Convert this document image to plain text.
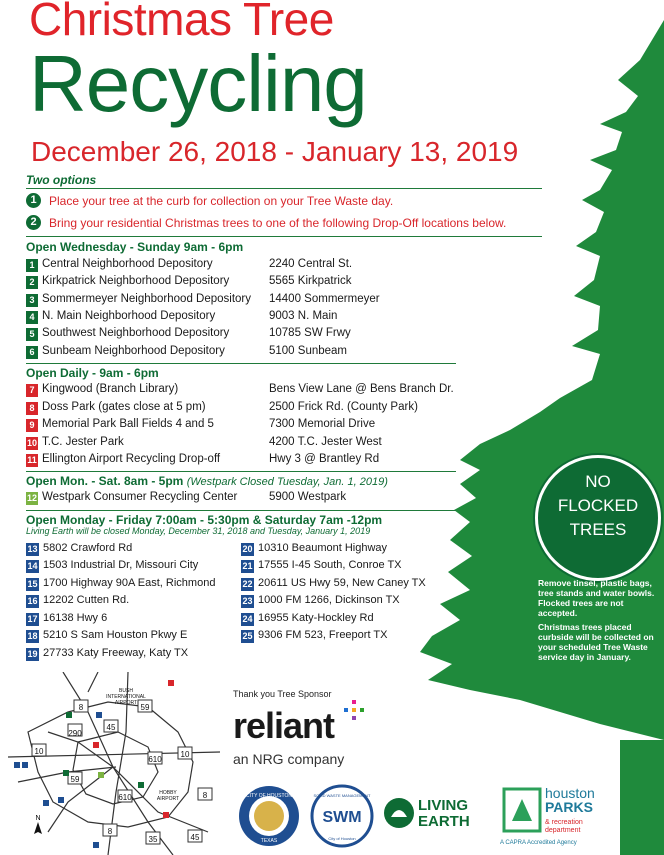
Christmas Tree
Recycling
December 26, 2018 - January 13, 2019
Two options
1	Place your tree at the curb for collection on your Tree Waste day.
2	Bring your residential Christmas trees to one of the following Drop-Off locations below.
Open Wednesday - Sunday 9am - 6pm
1 Central Neighborhood Depository	2240 Central St.
2 Kirkpatrick Neighborhood Depository	5565 Kirkpatrick
3 Sommermeyer Neighborhood Depository 14400 Sommermeyer
4 N. Main Neighborhood Depository	9003 N. Main
5 Southwest Neighborhood Depository	10785 SW Frwy
6 Sunbeam Neighborhood Depository	5100 Sunbeam
Open Daily - 9am - 6pm
7 Kingwood (Branch Library)	Bens View Lane @ Bens Branch Dr.
8 Doss Park (gates close at 5 pm)	2500 Frick Rd. (County Park)
9 Memorial Park Ball Fields 4 and 5	7300 Memorial Drive
10 T.C. Jester Park	4200 T.C. Jester West
11 Ellington Airport Recycling Drop-off	Hwy 3 @ Brantley Rd
Open Mon. - Sat. 8am - 5pm (Westpark Closed Tuesday, Jan. 1, 2019)
12 Westpark Consumer Recycling Center	5900 Westpark
Open Monday - Friday 7:00am - 5:30pm & Saturday 7am -12pm
Living Earth will be closed Monday, December 31, 2018 and Tuesday, January 1, 2019
13 5802 Crawford Rd
14 1503 Industrial Dr, Missouri City
15 1700 Highway 90A East, Richmond
16 12202 Cutten Rd.
17 16138 Hwy 6
18 5210 S Sam Houston Pkwy E
19 27733 Katy Freeway, Katy TX
20 10310 Beaumont Highway
21 17555 I-45 South, Conroe TX
22 20611 US Hwy 59, New Caney TX
23 1000 FM 1266, Dickinson TX
24 16955 Katy-Hockley Rd
25 9306 FM 523, Freeport TX
NO
FLOCKED
TREES
Remove tinsel, plastic bags, tree stands and water bowls. Flocked trees are not accepted.
Christmas trees placed curbside will be collected on your scheduled Tree Waste service day in January.
290
8
45
59
610
10	10
59
610	8
8
45
35
BUSH
INTERNATIONAL
AIRPORT
HOBBY
AIRPORT
N
Thank you Tree Sponsor
reliant
an NRG company
CITY OF HOUSTON
TEXAS
SWM
SOLID WASTE MANAGEMENT
City of Houston
LIVING EARTH
houston
PARKS
& recreation department
A CAPRA Accredited Agency
